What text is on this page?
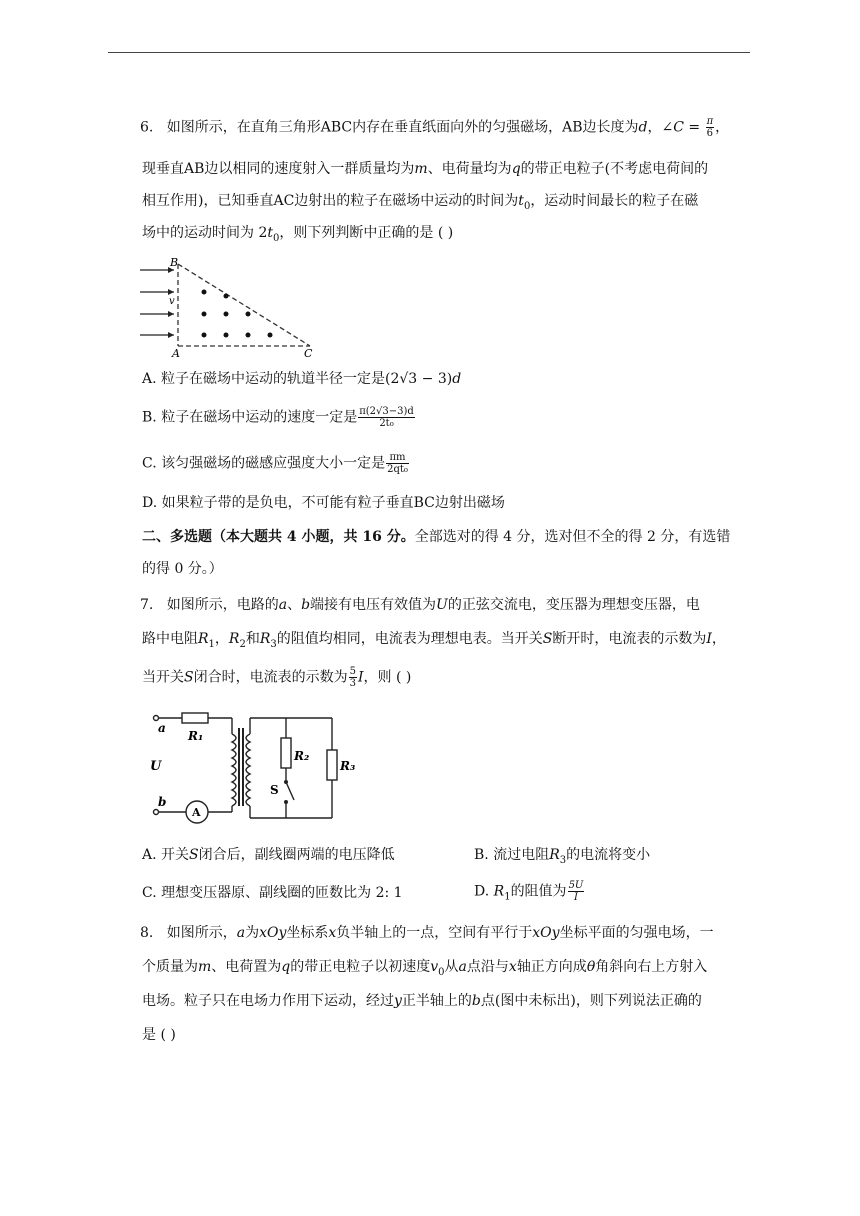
6. 如图所示，在直角三角形ABC内存在垂直纸面向外的匀强磁场，AB边长度为d，∠C = $\frac{\pi}{6}$ ，
现垂直AB边以相同的速度射入一群质量均为m、电荷量均为q的带正电粒子(不考虑电荷间的
相互作用)，已知垂直AC边射出的粒子在磁场中运动的时间为$t_0$，运动时间最长的粒子在磁
场中的运动时间为 $2t_0$，则下列判断中正确的是 ( )
B
v
A	C
A. 粒子在磁场中运动的轨道半径一定是(2√3 − 3)d
B. 粒子在磁场中运动的速度一定是 $\frac{\pi(2√3-3)d}{\text{2t₀}}$
C. 该匀强磁场的磁感应强度大小一定是 $\frac{\pi m}{\text{2qt₀}}$
D. 如果粒子带的是负电，不可能有粒子垂直BC边射出磁场
二、多选题（本大题共 4 小题，共 16 分。全部选对的得 4 分，选对但不全的得 2 分，有选错
的得 0 分。）
7. 如图所示，电路的a、b端接有电压有效值为U的正弦交流电，变压器为理想变压器，电
路中电阻$R_1$，$R_2$和$R_3$的阻值均相同，电流表为理想电表。当开关S断开时，电流表的示数为I，
当开关S闭合时，电流表的示数为 $\frac{5}{3}$ I，则 ( )
a
R₁
U
b
A
R₂
S
R₃
A. 开关S闭合后，副线圈两端的电压降低	B. 流过电阻$R_3$的电流将变小
C. 理想变压器原、副线圈的匝数比为 2: 1	D. $R_1$的阻值为 $\frac{5U}{I}$
8. 如图所示，a为xOy坐标系x负半轴上的一点，空间有平行于xOy坐标平面的匀强电场，一
个质量为m、电荷置为q的带正电粒子以初速度$v_0$从a点沿与x轴正方向成θ角斜向右上方射入
电场。粒子只在电场力作用下运动，经过y正半轴上的b点(图中未标出)，则下列说法正确的
是 ( )
